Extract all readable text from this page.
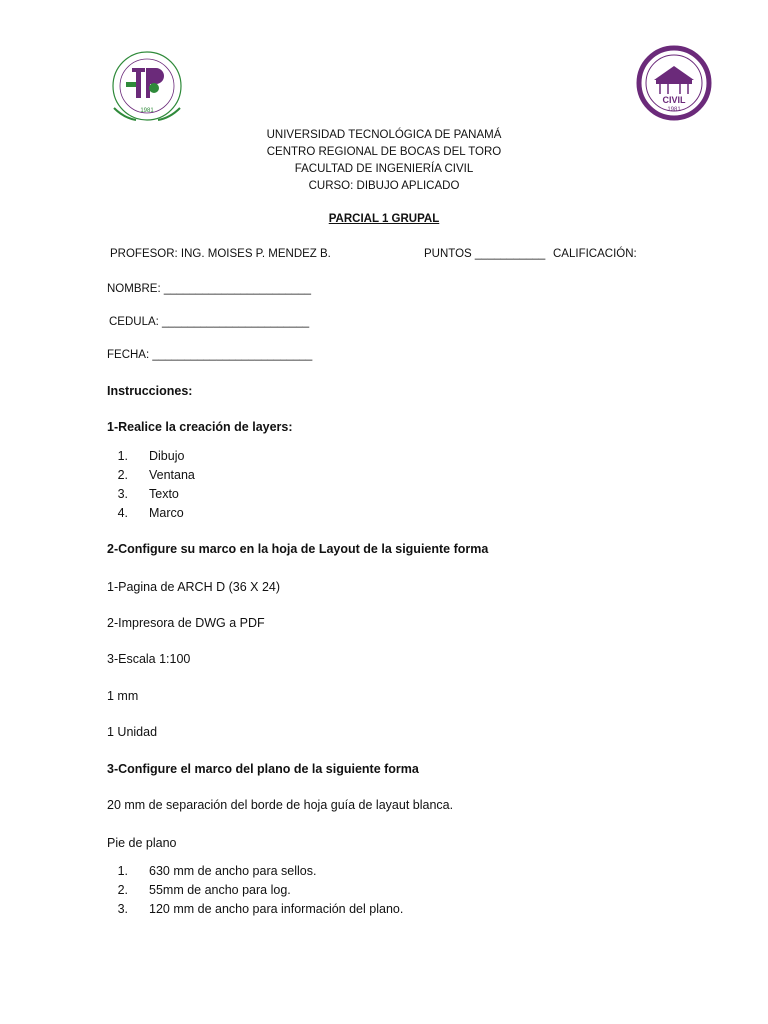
1981
CIVIL
1981
UNIVERSIDAD TECNOLÓGICA DE PANAMÁ
CENTRO REGIONAL DE BOCAS DEL TORO
FACULTAD DE INGENIERÍA CIVIL
CURSO: DIBUJO APLICADO
PARCIAL 1 GRUPAL
PROFESOR: ING. MOISES P. MENDEZ B.	PUNTOS ___________ CALIFICACIÓN:
NOMBRE: _______________________
CEDULA: _______________________
FECHA: _________________________
Instrucciones:
1-Realice la creación de layers:
1. Dibujo
2. Ventana
3. Texto
4. Marco
2-Configure su marco en la hoja de Layout de la siguiente forma
1-Pagina de ARCH D (36 X 24)
2-Impresora de DWG a PDF
3-Escala 1:100
1 mm
1 Unidad
3-Configure el marco del plano de la siguiente forma
20 mm de separación del borde de hoja guía de layaut blanca.
Pie de plano
1. 630 mm de ancho para sellos.
2. 55mm de ancho para log.
3. 120 mm de ancho para información del plano.
